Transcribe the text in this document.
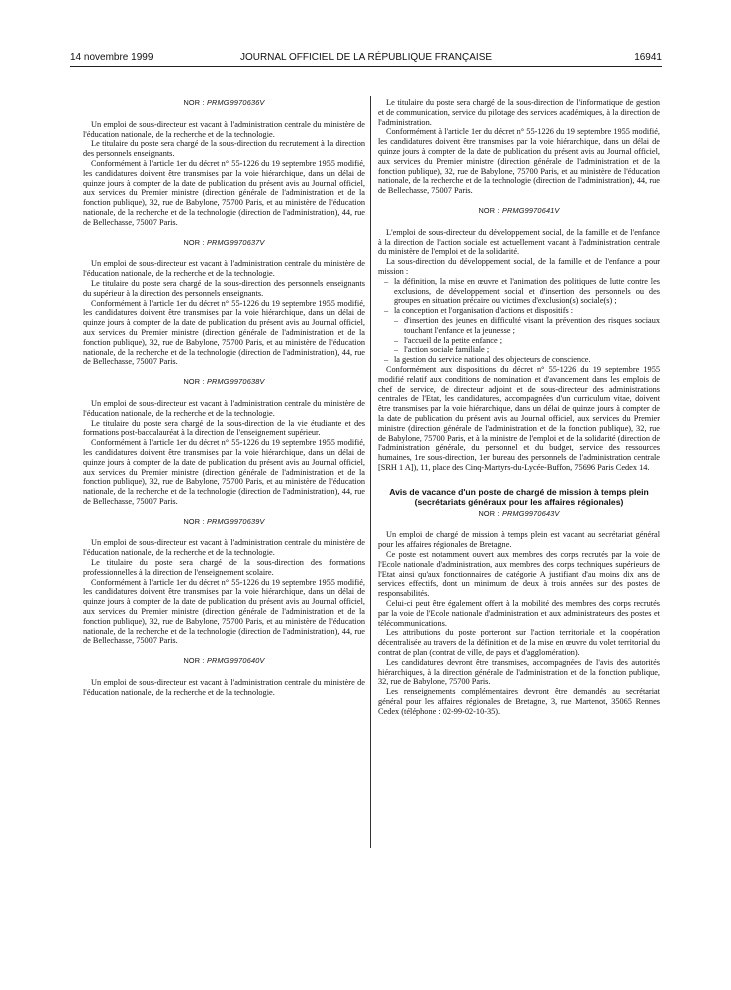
14 novembre 1999	JOURNAL OFFICIEL DE LA RÉPUBLIQUE FRANÇAISE	16941

NOR : PRMG9970636V

Un emploi de sous-directeur est vacant à l'administration centrale du ministère de l'éducation nationale, de la recherche et de la technologie.

Le titulaire du poste sera chargé de la sous-direction du recrutement à la direction des personnels enseignants.

Conformément à l'article 1er du décret n° 55-1226 du 19 septembre 1955 modifié, les candidatures doivent être transmises par la voie hiérarchique, dans un délai de quinze jours à compter de la date de publication du présent avis au Journal officiel, aux services du Premier ministre (direction générale de l'administration et de la fonction publique), 32, rue de Babylone, 75700 Paris, et au ministère de l'éducation nationale, de la recherche et de la technologie (direction de l'administration), 44, rue de Bellechasse, 75007 Paris.

NOR : PRMG9970637V

Un emploi de sous-directeur est vacant à l'administration centrale du ministère de l'éducation nationale, de la recherche et de la technologie.

Le titulaire du poste sera chargé de la sous-direction des personnels enseignants du supérieur à la direction des personnels enseignants.

Conformément à l'article 1er du décret n° 55-1226 du 19 septembre 1955 modifié, les candidatures doivent être transmises par la voie hiérarchique, dans un délai de quinze jours à compter de la date de publication du présent avis au Journal officiel, aux services du Premier ministre (direction générale de l'administration et de la fonction publique), 32, rue de Babylone, 75700 Paris, et au ministère de l'éducation nationale, de la recherche et de la technologie (direction de l'administration), 44, rue de Bellechasse, 75007 Paris.

NOR : PRMG9970638V

Un emploi de sous-directeur est vacant à l'administration centrale du ministère de l'éducation nationale, de la recherche et de la technologie.

Le titulaire du poste sera chargé de la sous-direction de la vie étudiante et des formations post-baccalauréat à la direction de l'enseignement supérieur.

Conformément à l'article 1er du décret n° 55-1226 du 19 septembre 1955 modifié, les candidatures doivent être transmises par la voie hiérarchique, dans un délai de quinze jours à compter de la date de publication du présent avis au Journal officiel, aux services du Premier ministre (direction générale de l'administration et de la fonction publique), 32, rue de Babylone, 75700 Paris, et au ministère de l'éducation nationale, de la recherche et de la technologie (direction de l'administration), 44, rue de Bellechasse, 75007 Paris.

NOR : PRMG9970639V

Un emploi de sous-directeur est vacant à l'administration centrale du ministère de l'éducation nationale, de la recherche et de la technologie.

Le titulaire du poste sera chargé de la sous-direction des formations professionnelles à la direction de l'enseignement scolaire.

Conformément à l'article 1er du décret n° 55-1226 du 19 septembre 1955 modifié, les candidatures doivent être transmises par la voie hiérarchique, dans un délai de quinze jours à compter de la date de publication du présent avis au Journal officiel, aux services du Premier ministre (direction générale de l'administration et de la fonction publique), 32, rue de Babylone, 75700 Paris, et au ministère de l'éducation nationale, de la recherche et de la technologie (direction de l'administration), 44, rue de Bellechasse, 75007 Paris.

NOR : PRMG9970640V

Un emploi de sous-directeur est vacant à l'administration centrale du ministère de l'éducation nationale, de la recherche et de la technologie.

Le titulaire du poste sera chargé de la sous-direction de l'informatique de gestion et de communication, service du pilotage des services académiques, à la direction de l'administration.

Conformément à l'article 1er du décret n° 55-1226 du 19 septembre 1955 modifié, les candidatures doivent être transmises par la voie hiérarchique, dans un délai de quinze jours à compter de la date de publication du présent avis au Journal officiel, aux services du Premier ministre (direction générale de l'administration et de la fonction publique), 32, rue de Babylone, 75700 Paris, et au ministère de l'éducation nationale, de la recherche et de la technologie (direction de l'administration), 44, rue de Bellechasse, 75007 Paris.

NOR : PRMG9970641V

L'emploi de sous-directeur du développement social, de la famille et de l'enfance à la direction de l'action sociale est actuellement vacant à l'administration centrale du ministère de l'emploi et de la solidarité.

La sous-direction du développement social, de la famille et de l'enfance a pour mission :

– la définition, la mise en œuvre et l'animation des politiques de lutte contre les exclusions, de développement social et d'insertion des personnels ou des groupes en situation précaire ou victimes d'exclusion(s) sociale(s) ;
– la conception et l'organisation d'actions et dispositifs :
– d'insertion des jeunes en difficulté visant la prévention des risques sociaux touchant l'enfance et la jeunesse ;
– l'accueil de la petite enfance ;
– l'action sociale familiale ;
– la gestion du service national des objecteurs de conscience.

Conformément aux dispositions du décret n° 55-1226 du 19 septembre 1955 modifié relatif aux conditions de nomination et d'avancement dans les emplois de chef de service, de directeur adjoint et de sous-directeur des administrations centrales de l'Etat, les candidatures, accompagnées d'un curriculum vitae, doivent être transmises par la voie hiérarchique, dans un délai de quinze jours à compter de la date de publication du présent avis au Journal officiel, aux services du Premier ministre (direction générale de l'administration et de la fonction publique), 32, rue de Babylone, 75700 Paris, et à la ministre de l'emploi et de la solidarité (direction de l'administration générale, du personnel et du budget, service des ressources humaines, 1re sous-direction, 1er bureau des personnels de l'administration centrale [SRH 1 A]), 11, place des Cinq-Martyrs-du-Lycée-Buffon, 75696 Paris Cedex 14.

Avis de vacance d'un poste de chargé de mission à temps plein (secrétariats généraux pour les affaires régionales)

NOR : PRMG9970643V

Un emploi de chargé de mission à temps plein est vacant au secrétariat général pour les affaires régionales de Bretagne.

Ce poste est notamment ouvert aux membres des corps recrutés par la voie de l'Ecole nationale d'administration, aux membres des corps techniques supérieurs de l'Etat ainsi qu'aux fonctionnaires de catégorie A justifiant d'au moins dix ans de services effectifs, dont un minimum de deux à trois années sur des postes de responsabilités.

Celui-ci peut être également offert à la mobilité des membres des corps recrutés par la voie de l'Ecole nationale d'administration et aux administrateurs des postes et télécommunications.

Les attributions du poste porteront sur l'action territoriale et la coopération décentralisée au travers de la définition et de la mise en œuvre du volet territorial du contrat de plan (contrat de ville, de pays et d'agglomération).

Les candidatures devront être transmises, accompagnées de l'avis des autorités hiérarchiques, à la direction générale de l'administration et de la fonction publique, 32, rue de Babylone, 75700 Paris.

Les renseignements complémentaires devront être demandés au secrétariat général pour les affaires régionales de Bretagne, 3, rue Martenot, 35065 Rennes Cedex (téléphone : 02-99-02-10-35).
